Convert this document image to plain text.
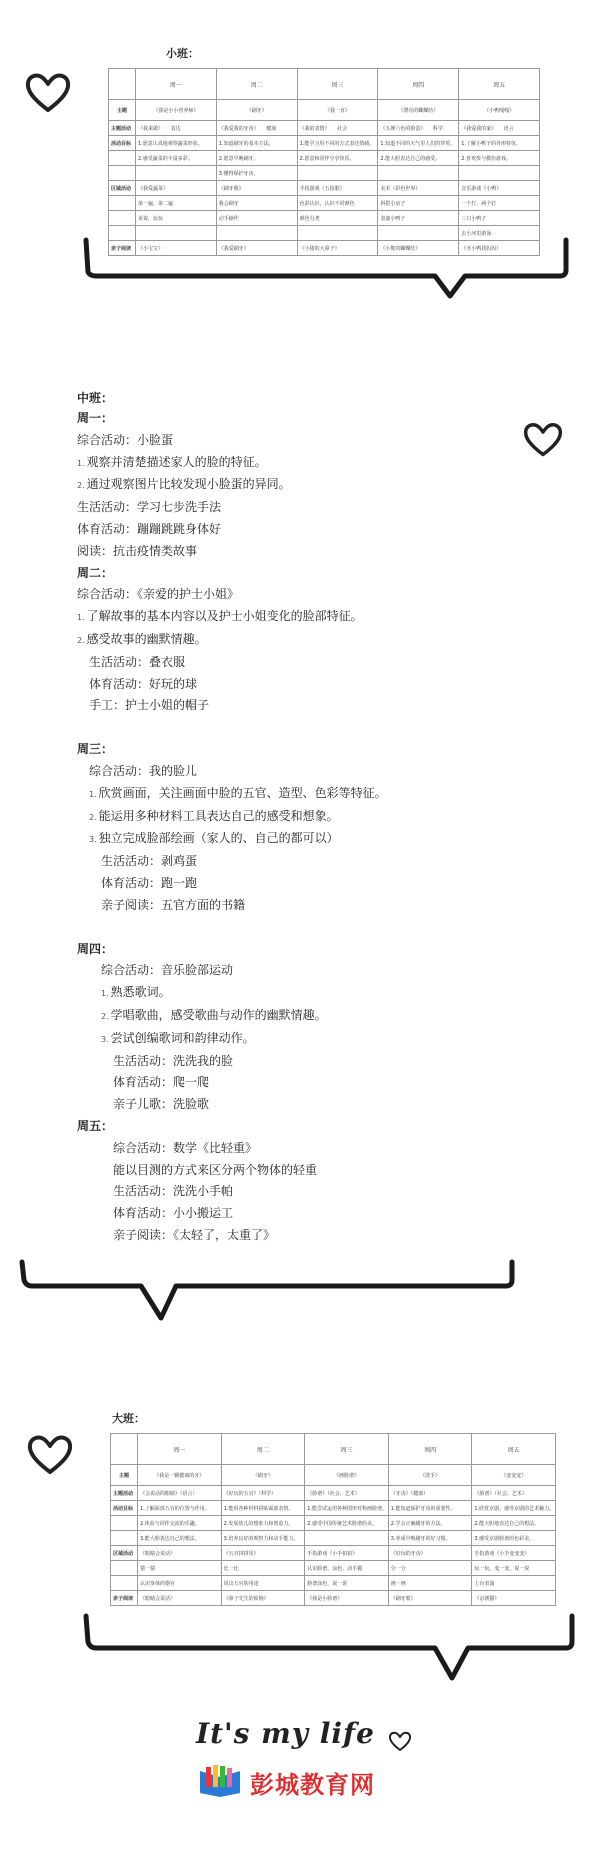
小班：
	周一	周二	周三	周四	周五
主题	《我是小小营养师》	《刷牙》	《我一直》	《漂亮的蝴蝶结》	《小鸭嘎嘎》
主题活动	《我来做》　　表达	《我爱我的牙齿》　　健康	《我的表情》　　社会	《五颜六色的脸蛋》　　科学	《我爱我的家》　　语言
活动目标	1.愿意认真地观察蔬菜形状。	1.知道刷牙的基本方法。	1.能学习用不同的方式表达情绪。	1.知道不同的天气里人们的穿着。	1.了解小鸭子的外形特征。
	2.感受蔬菜的丰富多彩。	2.愿意早晚刷牙。	2.愿意和同伴分享快乐。	2.能大胆表达自己的感受。	2.喜欢参与模仿游戏。
		3.懂得保护牙齿。			
区域活动	《我爱蔬菜》	《刷牙歌》	手指游戏《五指歌》	美术《彩色世界》	音乐游戏《小鸭》
	第一遍，第二遍	我会刷牙	色彩认识，认识不同颜色	拼搭小房子	一个打，两个打
	说说，玩玩	动手操作	颜色分类	表演小鸭子	三只小鸭子
					去小河里游泳
亲子阅读	《小宝宝》	《我爱刷牙》	《小猪的大鼻子》	《小熊的蝴蝶结》	《丑小鸭找妈妈》
中班：
周一：
综合活动：小脸蛋
1. 观察并清楚描述家人的脸的特征。
2. 通过观察图片比较发现小脸蛋的异同。
生活活动：学习七步洗手法
体育活动：蹦蹦跳跳身体好
阅读：抗击疫情类故事
周二：
综合活动：《亲爱的护士小姐》
1. 了解故事的基本内容以及护士小姐变化的脸部特征。
2. 感受故事的幽默情趣。
生活活动：叠衣服
体育活动：好玩的球
手工：护士小姐的帽子
周三：
综合活动：我的脸儿
1. 欣赏画面，关注画面中脸的五官、造型、色彩等特征。
2. 能运用多种材料工具表达自己的感受和想象。
3. 独立完成脸部绘画（家人的、自己的都可以）
生活活动：剥鸡蛋
体育活动：跑一跑
亲子阅读：五官方面的书籍
周四：
综合活动：音乐脸部运动
1. 熟悉歌词。
2. 学唱歌曲，感受歌曲与动作的幽默情趣。
3. 尝试创编歌词和韵律动作。
生活活动：洗洗我的脸
体育活动：爬一爬
亲子儿歌：洗脸歌
周五：
综合活动：数学《比轻重》
能以目测的方式来区分两个物体的轻重
生活活动：洗洗小手帕
体育活动：小小搬运工
亲子阅读：《太轻了，太重了》
大班：
	周一	周二	周三	周四	周五
主题	《我是一颗健康的牙》	《刷牙》	《画脸谱》	《洗手》	《变变变》
主题活动	《会说话的眼睛》（语言）	《好玩的五官》（科学）	《脸谱》（社会、艺术）	《牙齿》（健康）	《脸谱》（社会、艺术）
活动目标	1.了解面部五官的位置与作用。	1.能用各种材料拼贴面部表情。	1.能尝试运用各种图形对称画脸谱。	1.能知道保护牙齿的重要性。	1.欣赏京剧，感受京剧的艺术魅力。
	2.体验与同伴交流的乐趣。	2.发展幼儿的想象力和创造力。	2.感受中国传统艺术脸谱的美。	2.学会正确刷牙的方法。	2.能大胆地表达自己的想法。
	3.能大胆表达自己的想法。	3.培养良好的观察力和动手能力。		3.养成早晚刷牙的好习惯。	3.感受京剧脸谱的色彩美。
区域活动	《眼睛会说话》	《五官拼拼乐》	手指游戏《小手拍拍》	《好玩的牙齿》	手指游戏《小手变变变》
	猜一猜	比一比	认识脸谱，涂色，动手做	分一分	玩一玩，变一变，说一说
	认识身体的器官	说出五官的用途	脸谱涂色，说一说	画一画	上台表演
亲子阅读	《眼睛会说话》	《鼻子先生的烦恼》	《我是小脸谱》	《刷牙歌》	《京剧猫》
It's my life
彭城教育网
